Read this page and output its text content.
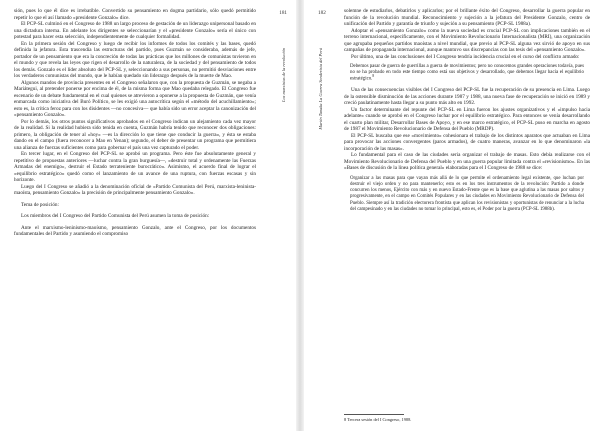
sión, pues lo que él dice es irrebatible. Convertido su pensamiento en dogma partidario, sólo quedó permitido repetir lo que el así llamado «presidente Gonzalo» dice.

El PCP-SL culminó en el Congreso de 1988 un largo proceso de gestación de un liderazgo unipersonal basado en una dictadura interna. En adelante los dirigentes se seleccionarían y el «presidente Gonzalo» sería el único con potestad para hacer esta selección, independientemente de cualquier formalidad.

En la primera sesión del Congreso y luego de recibir los informes de todos los comités y las bases, quedó definida la jefatura. Esta trascendía las estructuras del partido, pues Guzmán se consideraba, además de jefe, portador de un pensamiento que era la concreción de todas las prácticas que los millones de comunistas tuvieron en el mundo y que revela las leyes que rigen el desarrollo de la naturaleza, de la sociedad y del pensamiento de todos los demás. Gonzalo es el líder absoluto del PCP-SL y, seleccionando a sus personas, no permitió desviaciones entre los verdaderos comunistas del mundo, que le habían quedado sin liderazgo después de la muerte de Mao.

Algunos mandos de provincia presentes en el Congreso señalaron que, con la propuesta de Guzmán, se negaba a Mariátegui, al pretender ponerse por encima de él, de la misma forma que Mao quedaba relegado. El Congreso fue escenario de un debate fundamental en el cual quienes se atrevieron a oponerse a la propuesta de Guzmán, que venía enmarcada como iniciativa del Buró Político, se les exigió una autocrítica según el «método del acuchillamiento»; esto es, la crítica feroz para con los disidentes —no concesiva— que había sido un error aceptar la canonización del «pensamiento Gonzalo».

Por lo demás, los otros puntos significativos aprobados en el Congreso indican un alejamiento cada vez mayor de la realidad. Si la realidad hubiera sido tenida en cuenta, Guzmán habría tenido que reconocer dos obligaciones: primero, la obligación de tener al «hoy» —es la dirección lo que tiene que conducir la guerra», y ésta se estaba dando en el campo (fuera reconocer a Mao en Yenan); segundo, el deber de presentar un programa que permitiera una alianza de fuerzas suficientes como para gobernar el país una vez capturado el poder.

En tercer lugar, en el Congreso del PCP-SL se aprobó un programa. Pero éste fue absolutamente general y repetitivo de propuestas anteriores —luchar contra la gran burguesía—, «destruir total y ordenamente las Fuerzas Armadas del enemigo», destruir el Estado terrateniente burocrático». Asimismo, el acuerdo final de lograr el «equilibrio estratégico» quedó como el lanzamiento de un avance de una ruptura, con fuerzas escasas y sin horizonte.

Luego del I Congreso se añadió a la denominación oficial de «Partido Comunista del Perú, marxista-leninista-maoísta, pensamiento Gonzalo» la precisión de principalmente pensamiento Gonzalo».

Tema de posición:

Los miembros del I Congreso del Partido Comunista del Perú asumen la toma de posición:

Ante el marxismo-leninismo-maoísmo, pensamiento Gonzalo, ante el Congreso, por los documentos fundamentales del Partido y asumiendo el compromiso

Los marxistas de la revolución
181
Martín Tanaka La Guerra Senderista del Perú
182	solemne de estudiarlos, debatirlos y aplicarlos; por el brillante éxito del Congreso, desarrollar la guerra popular en función de la revolución mundial. Reconocimiento y sujeción a la jefatura del Presidente Gonzalo, centro de unificación del Partido y garantía de triunfo y sujeción a su pensamiento (PCP-SL 1988a).

Adoptar el «pensamiento Gonzalo» como la nueva sociedad es crucial PCP-SL con implicaciones también en el terreno internacional, específicamente, con el Movimiento Revolucionario Internacionalista (MRI), una organización que agrupaba pequeños partidos maoístas a nivel mundial, que previo al PCP-SL alguna vez sirvió de apoyo en sus campañas de propaganda internacional, aunque mantuvo sus discrepancias con las tesis del «pensamiento Gonzalo».

Por último, una de las conclusiones del I Congreso tendría incidencia crucial en el curso del conflicto armado:

Debemos pasar de guerra de guerrillas a guerra de movimientos; pero no conocemos grandes operaciones todavía, pues no se ha probado en todo este tiempo como está sus objetivos y desarrollado, que debemos llegar hacia el equilibrio estratégico.$^8$

Una de las consecuencias visibles del I Congreso del PCP-SL fue la recuperación de su presencia en Lima. Luego de la ostensible disminución de las acciones durante 1987 y 1988, una nueva fase de recuperación se inició en 1989 y creció paulatinamente hasta llegar a su punto más alto en 1992.

Un factor determinante del repunte del PCP-SL en Lima fueron los ajustes organizativos y el «impulso hacia adelante» cuando se aprobó en el Congreso luchar por el equilibrio estratégico. Para entonces se venía desarrollando el cuarto plan militar, Desarrollar Bases de Apoyo, y en ese marco estratégico, el PCP-SL puso en marcha en agosto de 1987 el Movimiento Revolucionario de Defensa del Pueblo (MRDP).

El PCP-SL buscaba que ese «movimiento» cohesionara el trabajo de los distintos aparatos que actuaban en Lima para provocar las acciones convergentes (paros armados), de cuatro maneras, avanzar en lo que denominaron «la incorporación de las masas».

Lo fundamental para el caso de las ciudades seria organizar el trabajo de masas. Esto debía realizarse con el Movimiento Revolucionario de Defensa del Pueblo y en una guerra popular limitada contra el «revisionismo». En las «Bases de discusión de la línea política general» elaboradas para el I Congreso de 1988 se dice:

Organizar a las masas para que vayan más allá de lo que permite el ordenamiento legal existente, que luchan por destruir el viejo orden y no para mantenerlo; esto es en los tres instrumentos de la revolución: Partido a donde concurren los menos, Ejército con más y en nuevo Estado-Frente que es la base que aglutina a las masas por saltos y progresivamente, en el campo en Comités Populares y en las ciudades en Movimiento Revolucionario de Defensa del Pueblo. Siempre así la tradición electorera frontista que aplican los revisionistas y oportunistas de renunciar a la lucha del campesinado y en las ciudades no tomar lo principal, esto es, el Poder por la guerra (PCP-SL 1988b).

8 Tercera sesión del I Congreso, 1988.
